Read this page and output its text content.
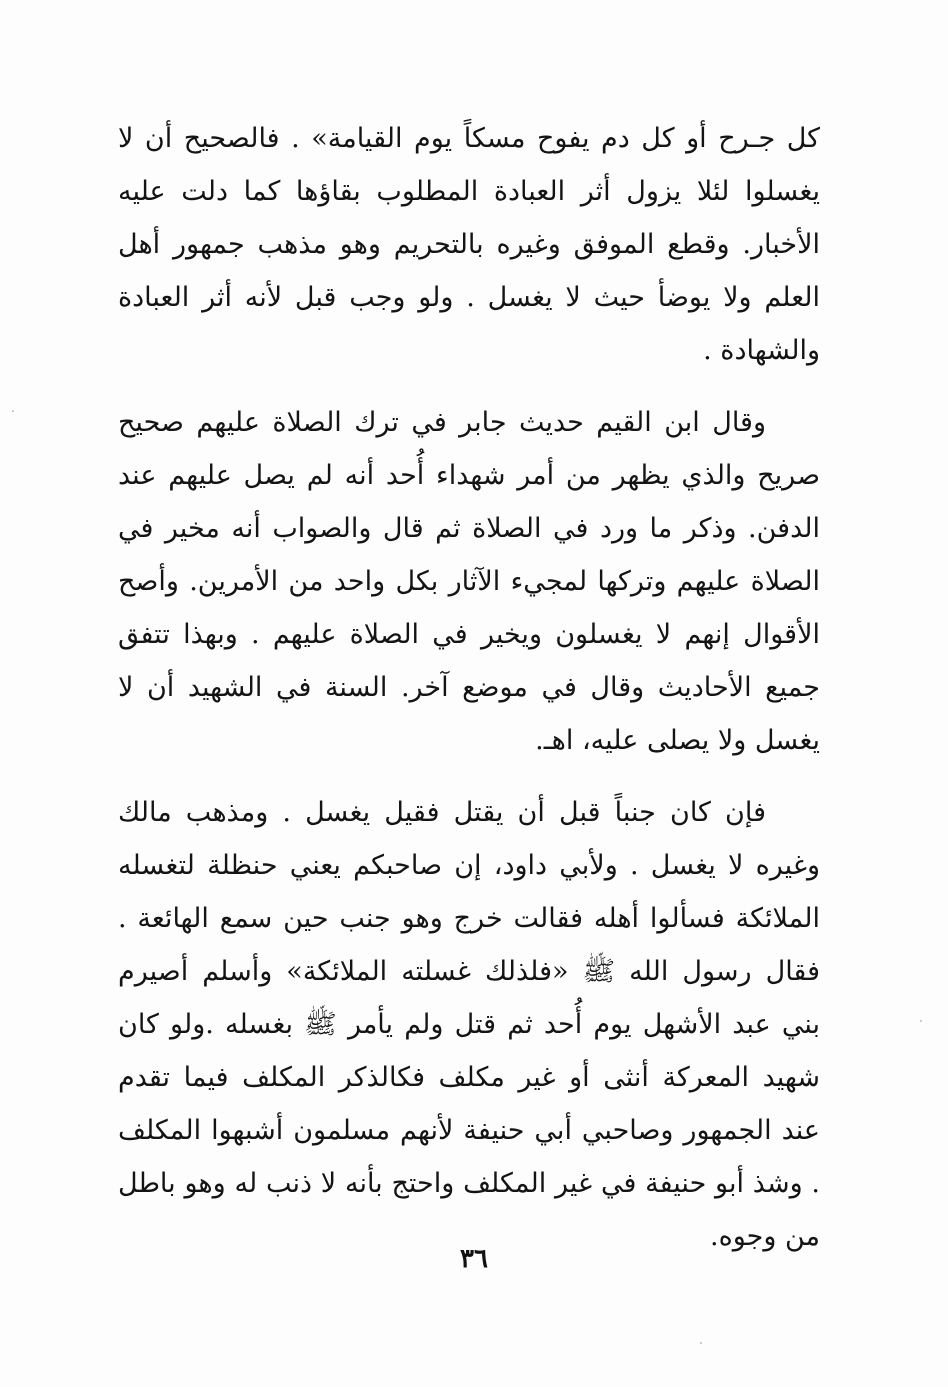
كل جـرح أو كل دم يفوح مسكاً يوم القيامة» . فالصحيح أن لا يغسلوا لئلا يزول أثر العبادة المطلوب بقاؤها كما دلت عليه الأخبار. وقطع الموفق وغيره بالتحريم وهو مذهب جمهور أهل العلم ولا يوضأ حيث لا يغسل . ولو وجب قبل لأنه أثر العبادة والشهادة .

وقال ابن القيم حديث جابر في ترك الصلاة عليهم صحيح صريح والذي يظهر من أمر شهداء أُحد أنه لم يصل عليهم عند الدفن. وذكر ما ورد في الصلاة ثم قال والصواب أنه مخير في الصلاة عليهم وتركها لمجيء الآثار بكل واحد من الأمرين. وأصح الأقوال إنهم لا يغسلون ويخير في الصلاة عليهم . وبهذا تتفق جميع الأحاديث وقال في موضع آخر. السنة في الشهيد أن لا يغسل ولا يصلى عليه، اهـ.

فإن كان جنباً قبل أن يقتل فقيل يغسل . ومذهب مالك وغيره لا يغسل . ولأبي داود، إن صاحبكم يعني حنظلة لتغسله الملائكة فسألوا أهله فقالت خرج وهو جنب حين سمع الهائعة . فقال رسول الله ﷺ «فلذلك غسلته الملائكة» وأسلم أصيرم بني عبد الأشهل يوم أُحد ثم قتل ولم يأمر ﷺ بغسله .ولو كان شهيد المعركة أنثى أو غير مكلف فكالذكر المكلف فيما تقدم عند الجمهور وصاحبي أبي حنيفة لأنهم مسلمون أشبهوا المكلف . وشذ أبو حنيفة في غير المكلف واحتج بأنه لا ذنب له وهو باطل من وجوه.

٣٦
